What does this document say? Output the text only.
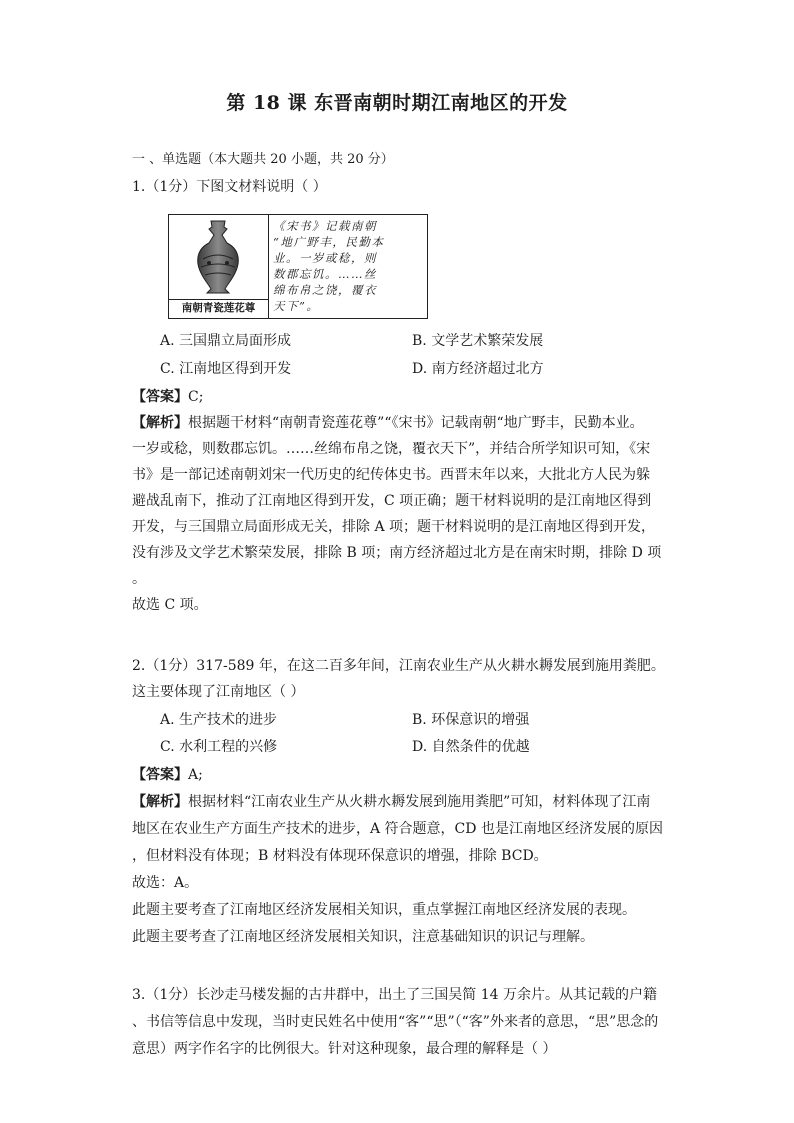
第 18 课 东晋南朝时期江南地区的开发
一 、单选题（本大题共 20 小题，共 20 分）
1.（1分）下图文材料说明（ ）
南朝青瓷莲花尊
《宋书》记载南朝
“地广野丰，民勤本
业。一岁或稔，则
数郡忘饥。……丝
绵布帛之饶，覆衣
天下”。
A. 三国鼎立局面形成	B. 文学艺术繁荣发展
C. 江南地区得到开发	D. 南方经济超过北方
【答案】C;
【解析】根据题干材料“南朝青瓷莲花尊”“《宋书》记载南朝“地广野丰，民勤本业。
一岁或稔，则数郡忘饥。……丝绵布帛之饶，覆衣天下”，并结合所学知识可知，《宋
书》是一部记述南朝刘宋一代历史的纪传体史书。西晋末年以来，大批北方人民为躲
避战乱南下，推动了江南地区得到开发，C 项正确；题干材料说明的是江南地区得到
开发，与三国鼎立局面形成无关，排除 A 项；题干材料说明的是江南地区得到开发，
没有涉及文学艺术繁荣发展，排除 B 项；南方经济超过北方是在南宋时期，排除 D 项
。
故选 C 项。
2.（1分）317-589 年，在这二百多年间，江南农业生产从火耕水耨发展到施用粪肥。
这主要体现了江南地区（ ）
A. 生产技术的进步	B. 环保意识的增强
C. 水利工程的兴修	D. 自然条件的优越
【答案】A;
【解析】根据材料“江南农业生产从火耕水耨发展到施用粪肥”可知，材料体现了江南
地区在农业生产方面生产技术的进步，A 符合题意，CD 也是江南地区经济发展的原因
，但材料没有体现；B 材料没有体现环保意识的增强，排除 BCD。
故选：A。
此题主要考查了江南地区经济发展相关知识，重点掌握江南地区经济发展的表现。
此题主要考查了江南地区经济发展相关知识，注意基础知识的识记与理解。
3.（1分）长沙走马楼发掘的古井群中，出土了三国吴简 14 万余片。从其记载的户籍
、书信等信息中发现，当时吏民姓名中使用“客”“思”（“客”外来者的意思，“思”思念的
意思）两字作名字的比例很大。针对这种现象，最合理的解释是（ ）
